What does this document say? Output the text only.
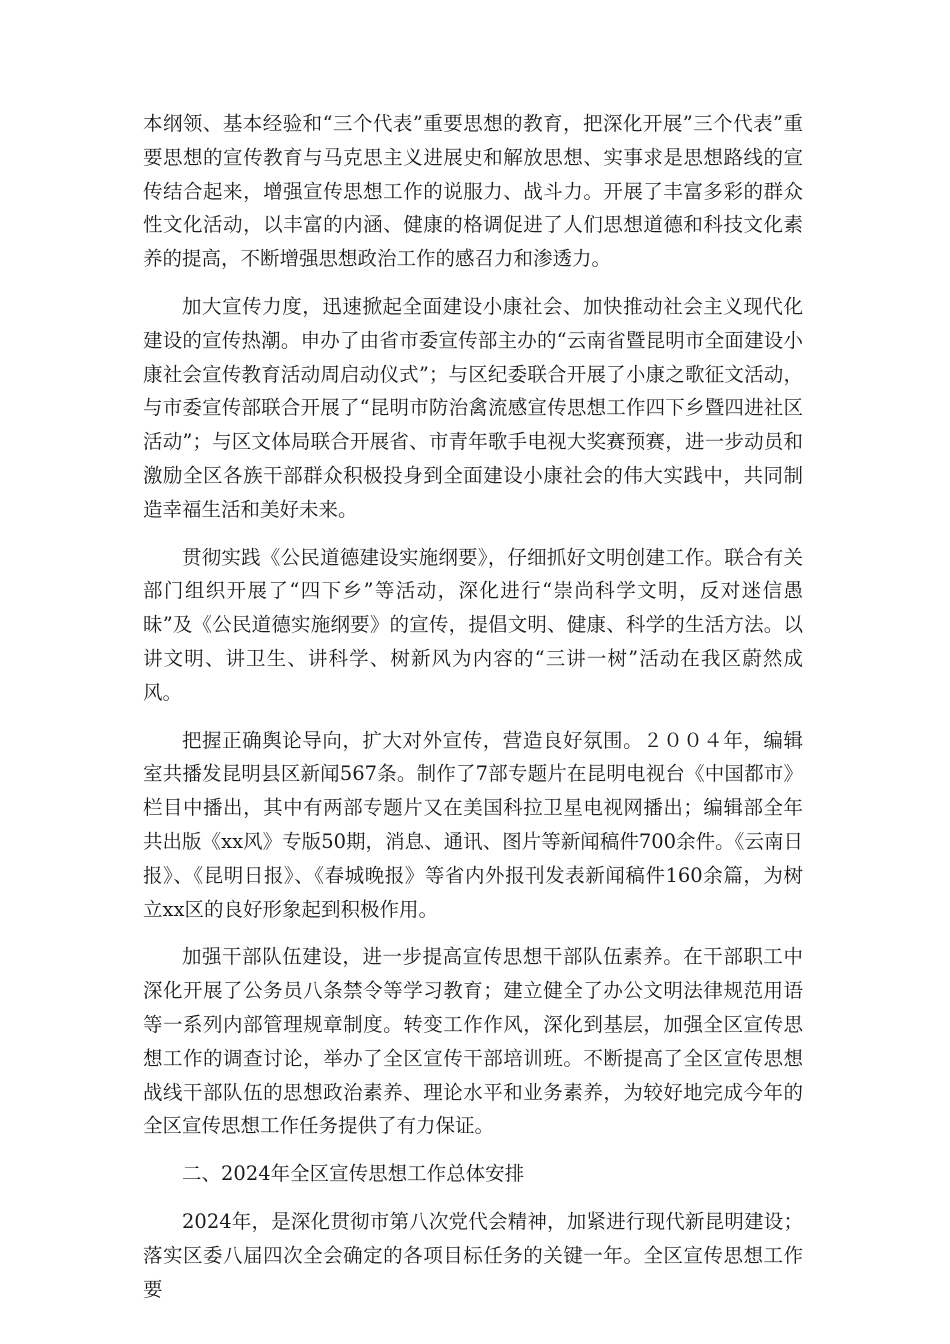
本纲领、基本经验和“三个代表”重要思想的教育，把深化开展”三个代表”重要思想的宣传教育与马克思主义进展史和解放思想、实事求是思想路线的宣传结合起来，增强宣传思想工作的说服力、战斗力。开展了丰富多彩的群众性文化活动，以丰富的内涵、健康的格调促进了人们思想道德和科技文化素养的提高，不断增强思想政治工作的感召力和渗透力。

加大宣传力度，迅速掀起全面建设小康社会、加快推动社会主义现代化建设的宣传热潮。申办了由省市委宣传部主办的“云南省暨昆明市全面建设小康社会宣传教育活动周启动仪式”；与区纪委联合开展了小康之歌征文活动，与市委宣传部联合开展了“昆明市防治禽流感宣传思想工作四下乡暨四进社区活动”；与区文体局联合开展省、市青年歌手电视大奖赛预赛，进一步动员和激励全区各族干部群众积极投身到全面建设小康社会的伟大实践中，共同制造幸福生活和美好未来。

贯彻实践《公民道德建设实施纲要》，仔细抓好文明创建工作。联合有关部门组织开展了“四下乡”等活动，深化进行“崇尚科学文明，反对迷信愚昧”及《公民道德实施纲要》的宣传，提倡文明、健康、科学的生活方法。以讲文明、讲卫生、讲科学、树新风为内容的“三讲一树”活动在我区蔚然成风。

把握正确舆论导向，扩大对外宣传，营造良好氛围。２００４年，编辑室共播发昆明县区新闻567条。制作了7部专题片在昆明电视台《中国都市》栏目中播出，其中有两部专题片又在美国科拉卫星电视网播出；编辑部全年共出版《xx风》专版50期，消息、通讯、图片等新闻稿件700余件。《云南日报》、《昆明日报》、《春城晚报》等省内外报刊发表新闻稿件160余篇，为树立xx区的良好形象起到积极作用。

加强干部队伍建设，进一步提高宣传思想干部队伍素养。在干部职工中深化开展了公务员八条禁令等学习教育；建立健全了办公文明法律规范用语等一系列内部管理规章制度。转变工作作风，深化到基层，加强全区宣传思想工作的调查讨论，举办了全区宣传干部培训班。不断提高了全区宣传思想战线干部队伍的思想政治素养、理论水平和业务素养，为较好地完成今年的全区宣传思想工作任务提供了有力保证。

二、2024年全区宣传思想工作总体安排

2024年，是深化贯彻市第八次党代会精神，加紧进行现代新昆明建设；落实区委八届四次全会确定的各项目标任务的关键一年。全区宣传思想工作要
